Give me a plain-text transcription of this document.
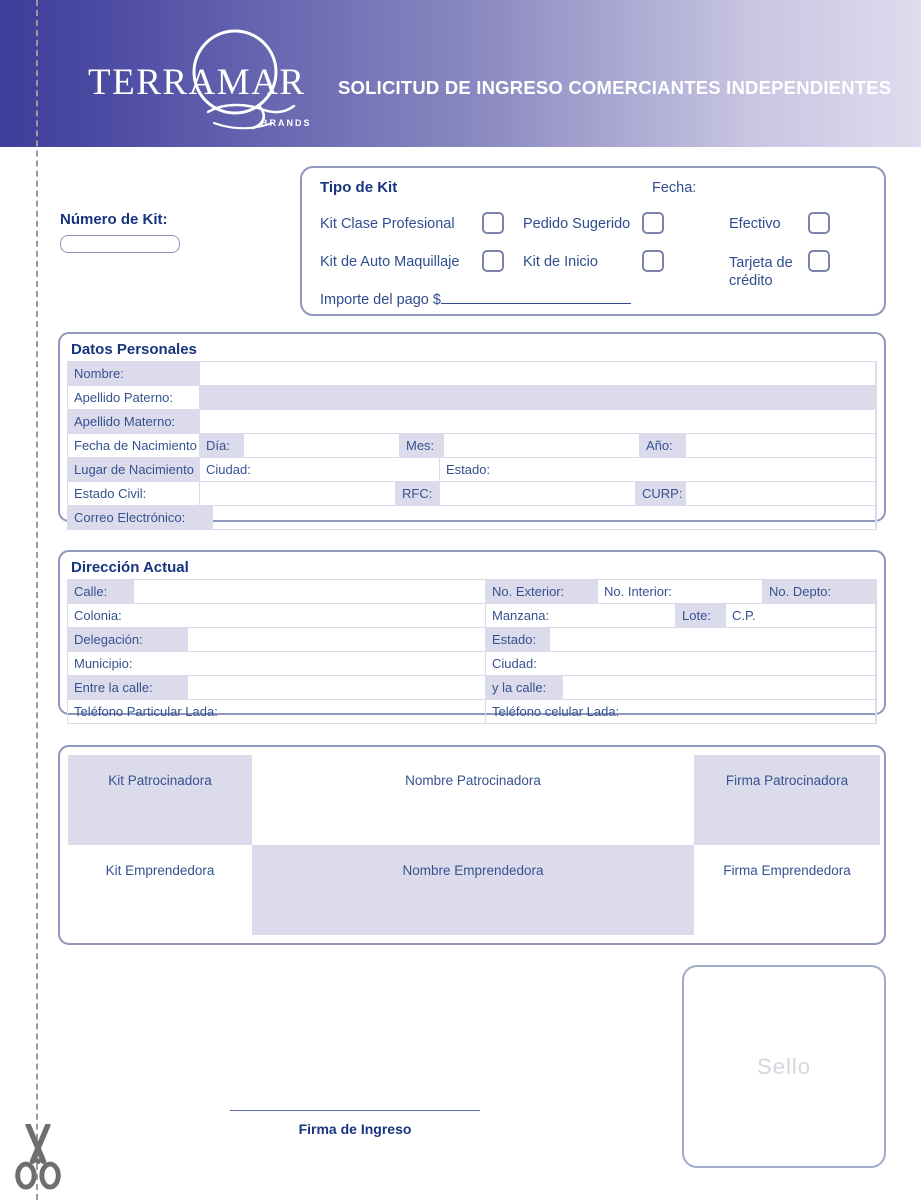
TERRAMAR
BRANDS
SOLICITUD DE INGRESO COMERCIANTES INDEPENDIENTES
Número de Kit:
Tipo de Kit	Fecha:
Kit Clase Profesional	Pedido Sugerido	Efectivo
Kit de Auto Maquillaje	Kit de Inicio	Tarjeta de crédito
Importe del pago $
Datos Personales
Nombre:
Apellido Paterno:
Apellido Materno:
Fecha de Nacimiento Día:	Mes:	Año:
Lugar de Nacimiento Ciudad:	Estado:
Estado Civil:	RFC:	CURP:
Correo Electrónico:
Dirección Actual
Calle:	No. Exterior:	No. Interior:	No. Depto:
Colonia:	Manzana:	Lote:	C.P.
Delegación:	Estado:
Municipio:	Ciudad:
Entre la calle:	y la calle:
Teléfono Particular Lada:	Teléfono celular Lada:
Kit Patrocinadora	Nombre Patrocinadora	Firma Patrocinadora
Kit Emprendedora	Nombre Emprendedora	Firma Emprendedora
Sello
Firma de Ingreso
